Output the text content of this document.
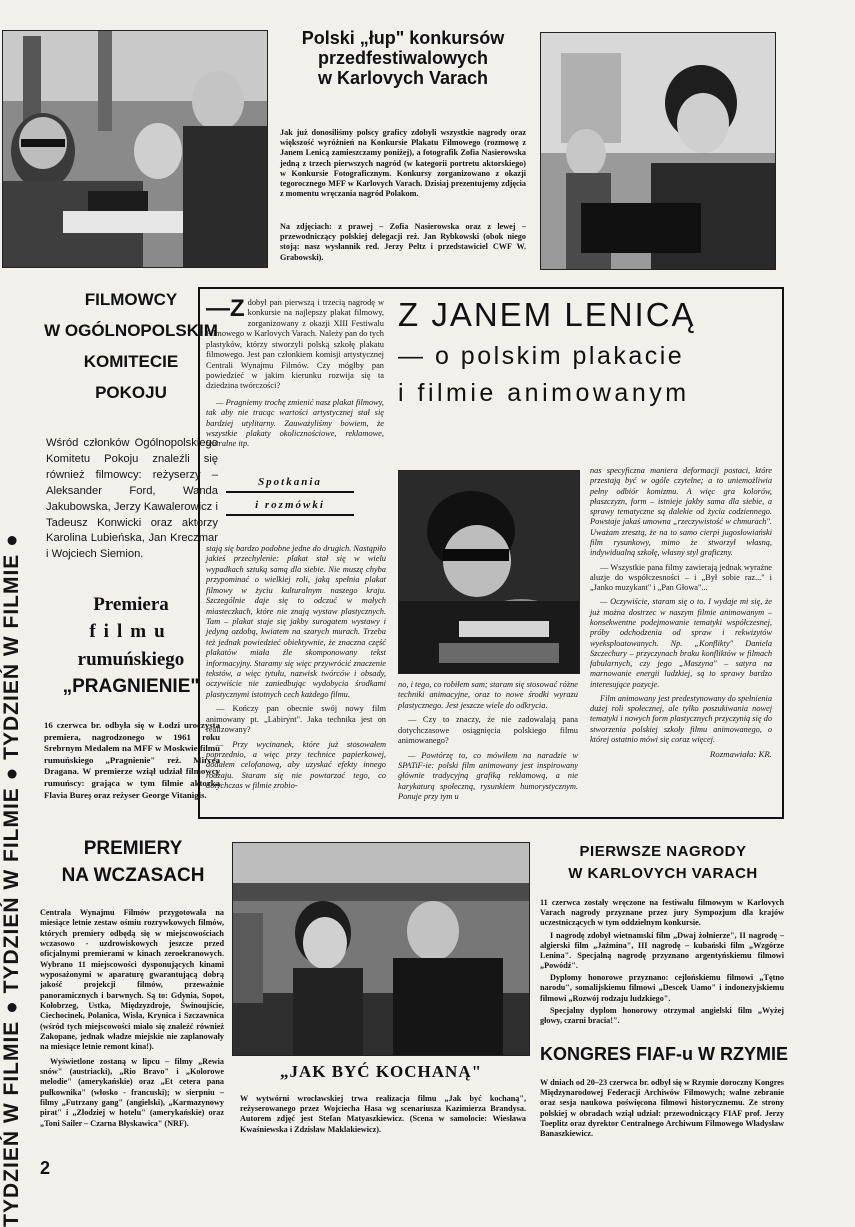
TYDZIEŃ W FILMIE ● TYDZIEŃ W FILMIE ● TYDZIEŃ W FILMIE ●
Polski „łup" konkursów
przedfestiwalowych
w Karlovych Varach
Jak już donosiliśmy polscy graficy zdobyli wszystkie nagrody oraz większość wyróżnień na Konkursie Plakatu Filmowego (rozmowę z Janem Lenicą zamieszczamy poniżej), a fotografik Zofia Nasierowska jedną z trzech pierwszych nagród (w kategorii portretu aktorskiego) w Konkursie Fotograficznym. Konkursy zorganizowano z okazji tegorocznego MFF w Karlovych Varach. Dzisiaj prezentujemy zdjęcia z momentu wręczania nagród Polakom.
Na zdjęciach: z prawej – Zofia Nasierowska oraz z lewej – przewodniczący polskiej delegacji reż. Jan Rybkowski (obok niego stoją: nasz wysłannik red. Jerzy Peltz i przedstawiciel CWF W. Grabowski).
FILMOWCY
W OGÓLNOPOLSKIM
KOMITECIE
POKOJU
Wśród członków Ogólnopolskiego Komitetu Pokoju znaleźli się również filmowcy: reżyserzy – Aleksander Ford, Wanda Jakubowska, Jerzy Kawalerowicz i Tadeusz Konwicki oraz aktorzy Karolina Lubieńska, Jan Kreczmar i Wojciech Siemion.
Premiera
filmu
rumuńskiego
„PRAGNIENIE"
16 czerwca br. odbyła się w Łodzi uroczysta premiera, nagrodzonego w 1961 roku Srebrnym Medalem na MFF w Moskwie filmu rumuńskiego „Pragnienie" reż. Mircea Dragana. W premierze wziął udział filmowcy rumuńscy: grająca w tym filmie aktorka Flavia Bureș oraz reżyser George Vitanigis.
Z JANEM LENICĄ
— o polskim plakacie
i filmie animowanym
—Z dobył pan pierwszą i trzecią nagrodę w konkursie na najlepszy plakat filmowy, zorganizowany z okazji XIII Festiwalu Filmowego w Karlovych Varach. Należy pan do tych plastyków, którzy stworzyli polską szkołę plakatu filmowego. Jest pan członkiem komisji artystycznej Centrali Wynajmu Filmów. Czy mógłby pan powiedzieć w jakim kierunku rozwija się ta dziedzina twórczości?
— Pragniemy trochę zmienić nasz plakat filmowy, tak aby nie tracąc wartości artystycznej stał się bardziej utylitarny. Zauważyliśmy bowiem, że wszystkie plakaty okolicznościowe, reklamowe, teatralne itp.
Spotkania
i rozmówki
stają się bardzo podobne jedne do drugich. Nastąpiło jakieś przechylenie: plakat stał się w wielu wypadkach sztuką samą dla siebie. Nie muszę chyba przypominać o wielkiej roli, jaką spełnia plakat filmowy w życiu kulturalnym naszego kraju. Szczególnie daje się to odczuć w małych miasteczkach, które nie znają wystaw plastycznych. Tam – plakat staje się jakby surogatem wystawy i jedyną ozdobą, kwiatem na szarych murach. Trzeba też jednak powiedzieć obiektywnie, że znaczna część plakatów miała źle skomponowany tekst informacyjny. Staramy się więc przywrócić znaczenie tekstów, a więc tytułu, nazwisk twórców i obsady, oczywiście nie zaniedbując wydobycia środkami plastycznymi istotnych cech każdego filmu.
— Kończy pan obecnie swój nowy film animowany pt. „Labirynt". Jaka technika jest on realizowany?
— Przy wycinanek, które już stosowałem poprzednio, a więc przy technice papierkowej, dodałem celofanową, aby uzyskać efekty innego rodzaju. Staram się nie powtarzać tego, co dotychczas w filmie zrobio-
no, i tego, co robiłem sam; staram się stosować różne techniki animacyjne, oraz to nowe środki wyrazu plastycznego. Jest jeszcze wiele do odkrycia.
— Czy to znaczy, że nie zadowalają pana dotychczasowe osiągnięcia polskiego filmu animowanego?
— Powtórzę to, co mówiłem na naradzie w SPATiF-ie: polski film animowany jest inspirowany głównie tradycyjną grafiką reklamową, a nie karykaturą społeczną, rysunkiem humorystycznym. Ponuje przy tym u
nas specyficzna maniera deformacji postaci, które przestają być w ogóle czytelne; a to uniemożliwia pełny odbiór komizmu. A więc gra kolorów, płaszczyzn, form – istnieje jakby sama dla siebie, a sprawy tematyczne są dalekie od życia codziennego. Powstaje jakaś umowna „rzeczywistość w chmurach". Uważam zresztą, że na to samo cierpi jugosłowiański film rysunkowy, mimo że stworzył własną, indywidualną szkołę, własny styl graficzny.
— Wszystkie pana filmy zawierają jednak wyraźne aluzje do współczesności – i „Był sobie raz..." i „Janko muzykant" i „Pan Głowa"...
— Oczywiście, staram się o to. I wydaje mi się, że już można dostrzec w naszym filmie animowanym – konsekwentne podejmowanie tematyki współczesnej, próby odchodzenia od spraw i rekwizytów wyeksploatowanych. Np. „Konflikty" Daniela Szczechury – przyczynach braku konfliktów w filmach fabularnych, czy jego „Maszyna" – satyra na marnowanie energii ludzkiej, są to sprawy bardzo interesujące pozycje.
Film animowany jest predestynowany do spełnienia dużej roli społecznej, ale tylko poszukiwania nowej tematyki i nowych form plastycznych przyczynią się do stworzenia polskiej szkoły filmu animowanego, o której ostatnio mówi się coraz więcej.
Rozmawiała: KR.
PREMIERY
NA WCZASACH
Centrala Wynajmu Filmów przygotowała na miesiące letnie zestaw ośmiu rozrywkowych filmów, których premiery odbędą się w miejscowościach wczasowo - uzdrowiskowych jeszcze przed oficjalnymi premierami w kinach zeroekranowych. Wybrano 11 miejscowości dysponujących kinami wyposażonymi w aparaturę gwarantującą dobrą jakość projekcji filmów, przeważnie panoramicznych i barwnych. Są to: Gdynia, Sopot, Kołobrzeg, Ustka, Międzyzdroje, Świnoujście, Ciechocinek, Polanica, Wisła, Krynica i Szczawnica (wśród tych miejscowości miało się znaleźć również Zakopane, jednak władze miejskie nie zaplanowały na miesiące letnie remont kina!).
Wyświetlone zostaną w lipcu – filmy „Rewia snów" (austriacki), „Rio Bravo" i „Kolorowe melodie" (amerykańskie) oraz „Et cetera pana pułkownika" (włosko - francuski); w sierpniu – filmy „Futrzany gang" (angielski), „Karmazynowy pirat" i „Złodziej w hotelu" (amerykańskie) oraz „Toni Sailer – Czarna Błyskawica" (NRF).
„JAK BYĆ KOCHANĄ"
W wytwórni wrocławskiej trwa realizacja filmu „Jak być kochaną", reżyserowanego przez Wojciecha Hasa wg scenariusza Kazimierza Brandysa. Autorem zdjęć jest Stefan Matyaszkiewicz. (Scena w samolocie: Wiesława Kwaśniewska i Zdzisław Maklakiewicz).
PIERWSZE NAGRODY
W KARLOVYCH VARACH
11 czerwca zostały wręczone na festiwalu filmowym w Karlovych Varach nagrody przyznane przez jury Sympozjum dla krajów uczestniczących w tym oddzielnym konkursie.
I nagrodę zdobył wietnamski film „Dwaj żołnierze", II nagrodę – algierski film „Jaźmina", III nagrodę – kubański film „Wzgórze Lenina". Specjalną nagrodę przyznano argentyńskiemu filmowi „Powódź".
Dyplomy honorowe przyznano: cejlońskiemu filmowi „Tętno narodu", somalijskiemu filmowi „Descek Uamo" i indonezyjskiemu filmowi „Rozwój rodzaju ludzkiego".
Specjalny dyplom honorowy otrzymał angielski film „Wyżej głowy, czarni bracia!".
KONGRES FIAF-u W RZYMIE
W dniach od 20–23 czerwca br. odbył się w Rzymie doroczny Kongres Międzynarodowej Federacji Archiwów Filmowych; walne zebranie oraz sesja naukowa poświęcona filmowi historycznemu. Ze strony polskiej w obradach wziął udział: przewodniczący FIAF prof. Jerzy Toeplitz oraz dyrektor Centralnego Archiwum Filmowego Władysław Banaszkiewicz.
2
